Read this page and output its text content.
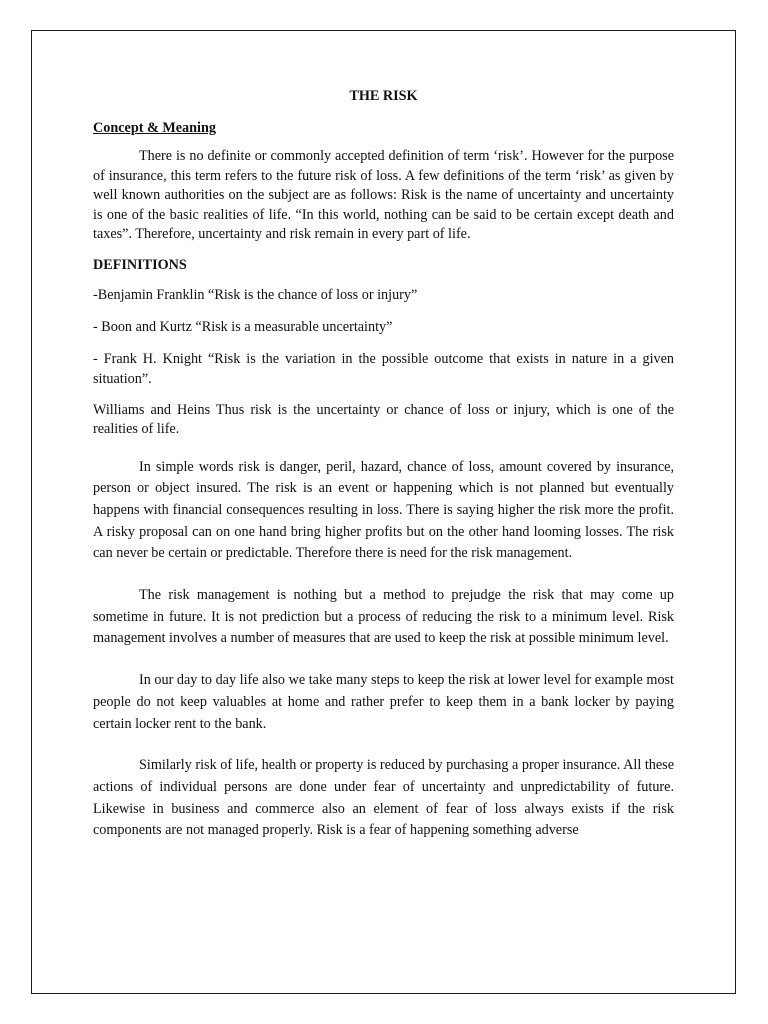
THE RISK
Concept & Meaning

There is no definite or commonly accepted definition of term ‘risk’. However for the purpose of insurance, this term refers to the future risk of loss. A few definitions of the term ‘risk’ as given by well known authorities on the subject are as follows: Risk is the name of uncertainty and uncertainty is one of the basic realities of life. “In this world, nothing can be said to be certain except death and taxes”. Therefore, uncertainty and risk remain in every part of life.

DEFINITIONS

-Benjamin Franklin “Risk is the chance of loss or injury”

- Boon and Kurtz “Risk is a measurable uncertainty”

- Frank H. Knight “Risk is the variation in the possible outcome that exists in nature in a given situation”.

Williams and Heins Thus risk is the uncertainty or chance of loss or injury, which is one of the realities of life.

In simple words risk is danger, peril, hazard, chance of loss, amount covered by insurance, person or object insured. The risk is an event or happening which is not planned but eventually happens with financial consequences resulting in loss. There is saying higher the risk more the profit. A risky proposal can on one hand bring higher profits but on the other hand looming losses. The risk can never be certain or predictable. Therefore there is need for the risk management.

The risk management is nothing but a method to prejudge the risk that may come up sometime in future. It is not prediction but a process of reducing the risk to a minimum level. Risk management involves a number of measures that are used to keep the risk at possible minimum level.

In our day to day life also we take many steps to keep the risk at lower level for example most people do not keep valuables at home and rather prefer to keep them in a bank locker by paying certain locker rent to the bank.

Similarly risk of life, health or property is reduced by purchasing a proper insurance. All these actions of individual persons are done under fear of uncertainty and unpredictability of future. Likewise in business and commerce also an element of fear of loss always exists if the risk components are not managed properly. Risk is a fear of happening something adverse
